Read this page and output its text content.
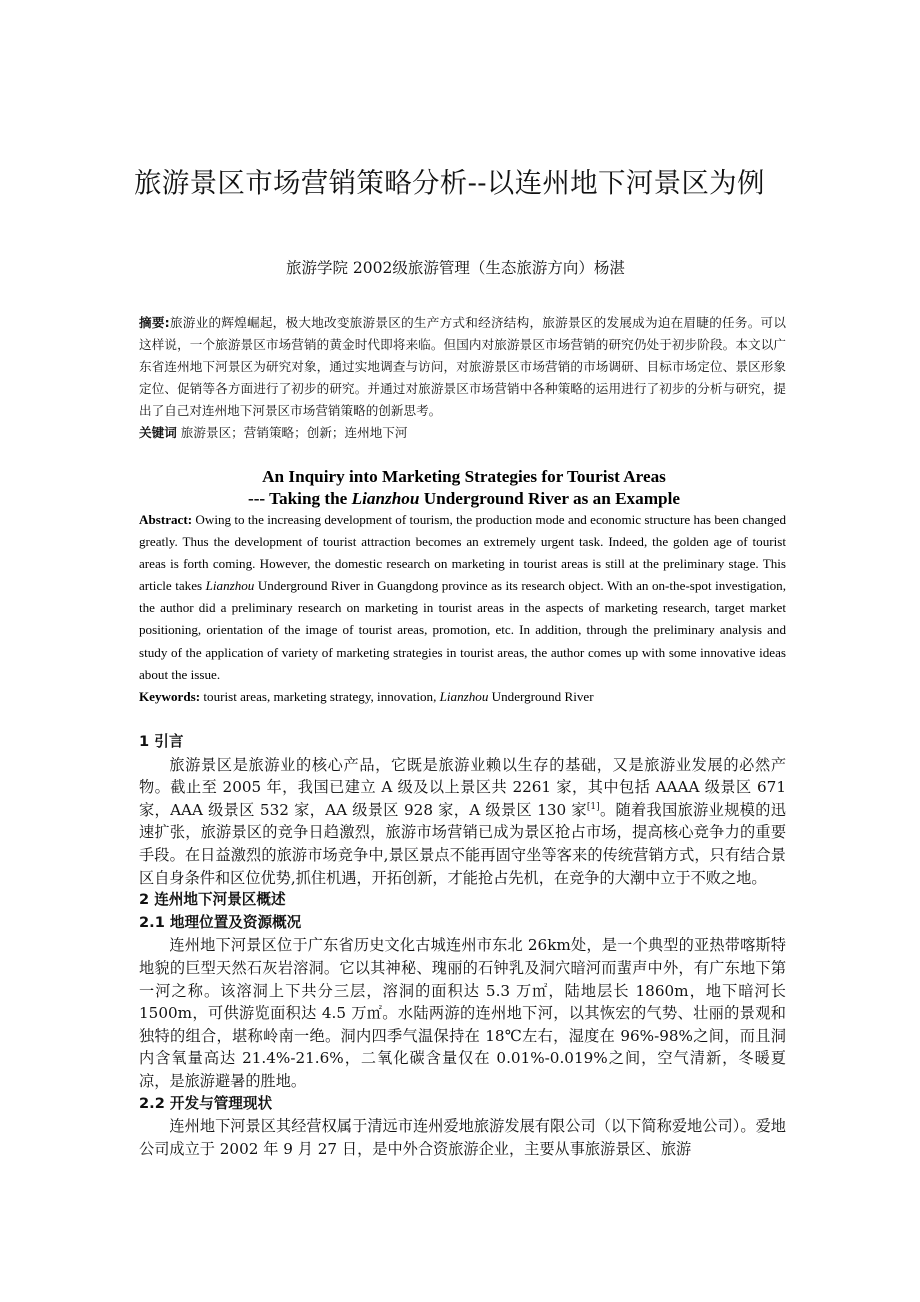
旅游景区市场营销策略分析--以连州地下河景区为例
旅游学院 2002级旅游管理（生态旅游方向）杨湛
摘要:旅游业的辉煌崛起，极大地改变旅游景区的生产方式和经济结构，旅游景区的发展成为迫在眉睫的任务。可以这样说，一个旅游景区市场营销的黄金时代即将来临。但国内对旅游景区市场营销的研究仍处于初步阶段。本文以广东省连州地下河景区为研究对象，通过实地调查与访问，对旅游景区市场营销的市场调研、目标市场定位、景区形象定位、促销等各方面进行了初步的研究。并通过对旅游景区市场营销中各种策略的运用进行了初步的分析与研究，提出了自己对连州地下河景区市场营销策略的创新思考。
关键词 旅游景区；营销策略；创新；连州地下河
An Inquiry into Marketing Strategies for Tourist Areas
--- Taking the Lianzhou Underground River as an Example
Abstract: Owing to the increasing development of tourism, the production mode and economic structure has been changed greatly. Thus the development of tourist attraction becomes an extremely urgent task. Indeed, the golden age of tourist areas is forth coming. However, the domestic research on marketing in tourist areas is still at the preliminary stage. This article takes Lianzhou Underground River in Guangdong province as its research object. With an on-the-spot investigation, the author did a preliminary research on marketing in tourist areas in the aspects of marketing research, target market positioning, orientation of the image of tourist areas, promotion, etc. In addition, through the preliminary analysis and study of the application of variety of marketing strategies in tourist areas, the author comes up with some innovative ideas about the issue.
Keywords: tourist areas, marketing strategy, innovation, Lianzhou Underground River
1 引言
旅游景区是旅游业的核心产品，它既是旅游业赖以生存的基础，又是旅游业发展的必然产物。截止至 2005 年，我国已建立 A 级及以上景区共 2261 家，其中包括 AAAA 级景区 671 家，AAA 级景区 532 家，AA 级景区 928 家，A 级景区 130 家[1]。随着我国旅游业规模的迅速扩张，旅游景区的竞争日趋激烈，旅游市场营销已成为景区抢占市场，提高核心竞争力的重要手段。在日益激烈的旅游市场竞争中,景区景点不能再固守坐等客来的传统营销方式，只有结合景区自身条件和区位优势,抓住机遇，开拓创新，才能抢占先机，在竞争的大潮中立于不败之地。
2 连州地下河景区概述
2.1 地理位置及资源概况
连州地下河景区位于广东省历史文化古城连州市东北 26km处，是一个典型的亚热带喀斯特地貌的巨型天然石灰岩溶洞。它以其神秘、瑰丽的石钟乳及洞穴暗河而蜚声中外，有广东地下第一河之称。该溶洞上下共分三层，溶洞的面积达 5.3 万㎡，陆地层长 1860m，地下暗河长 1500m，可供游览面积达 4.5 万㎡。水陆两游的连州地下河，以其恢宏的气势、壮丽的景观和独特的组合，堪称岭南一绝。洞内四季气温保持在 18℃左右，湿度在 96%-98%之间，而且洞内含氧量高达 21.4%-21.6%，二氧化碳含量仅在 0.01%-0.019%之间，空气清新，冬暖夏凉，是旅游避暑的胜地。
2.2 开发与管理现状
连州地下河景区其经营权属于清远市连州爱地旅游发展有限公司（以下简称爱地公司）。爱地公司成立于 2002 年 9 月 27 日，是中外合资旅游企业，主要从事旅游景区、旅游
